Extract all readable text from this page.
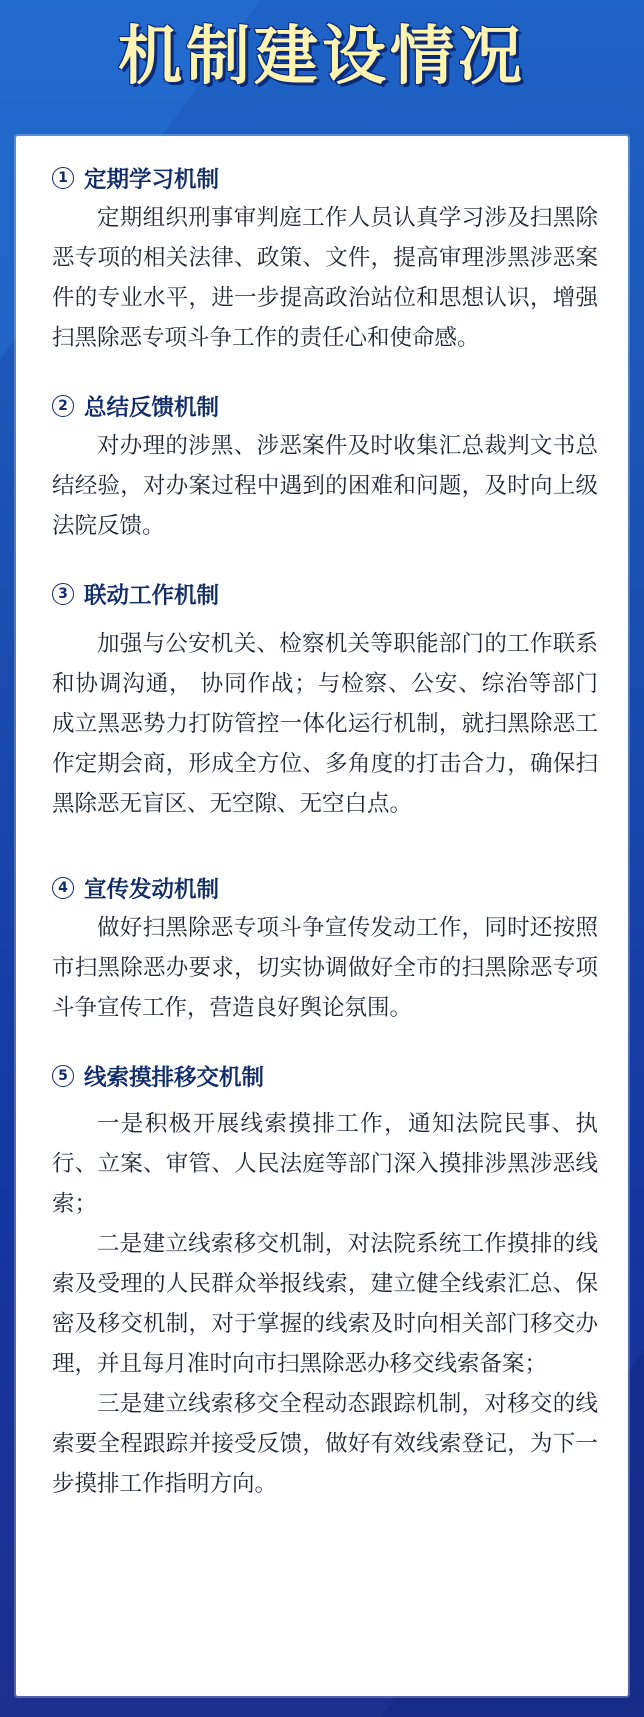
机制建设情况
1 定期学习机制

定期组织刑事审判庭工作人员认真学习涉及扫黑除恶专项的相关法律、政策、文件，提高审理涉黑涉恶案件的专业水平，进一步提高政治站位和思想认识，增强扫黑除恶专项斗争工作的责任心和使命感。

2 总结反馈机制

对办理的涉黑、涉恶案件及时收集汇总裁判文书总结经验，对办案过程中遇到的困难和问题，及时向上级法院反馈。

3 联动工作机制

加强与公安机关、检察机关等职能部门的工作联系和协调沟通， 协同作战；与检察、公安、综治等部门成立黑恶势力打防管控一体化运行机制，就扫黑除恶工作定期会商，形成全方位、多角度的打击合力，确保扫黑除恶无盲区、无空隙、无空白点。

4 宣传发动机制

做好扫黑除恶专项斗争宣传发动工作，同时还按照市扫黑除恶办要求，切实协调做好全市的扫黑除恶专项斗争宣传工作，营造良好舆论氛围。

5 线索摸排移交机制

一是积极开展线索摸排工作，通知法院民事、执行、立案、审管、人民法庭等部门深入摸排涉黑涉恶线索；

二是建立线索移交机制，对法院系统工作摸排的线索及受理的人民群众举报线索，建立健全线索汇总、保密及移交机制，对于掌握的线索及时向相关部门移交办理，并且每月准时向市扫黑除恶办移交线索备案；

三是建立线索移交全程动态跟踪机制，对移交的线索要全程跟踪并接受反馈，做好有效线索登记，为下一步摸排工作指明方向。
